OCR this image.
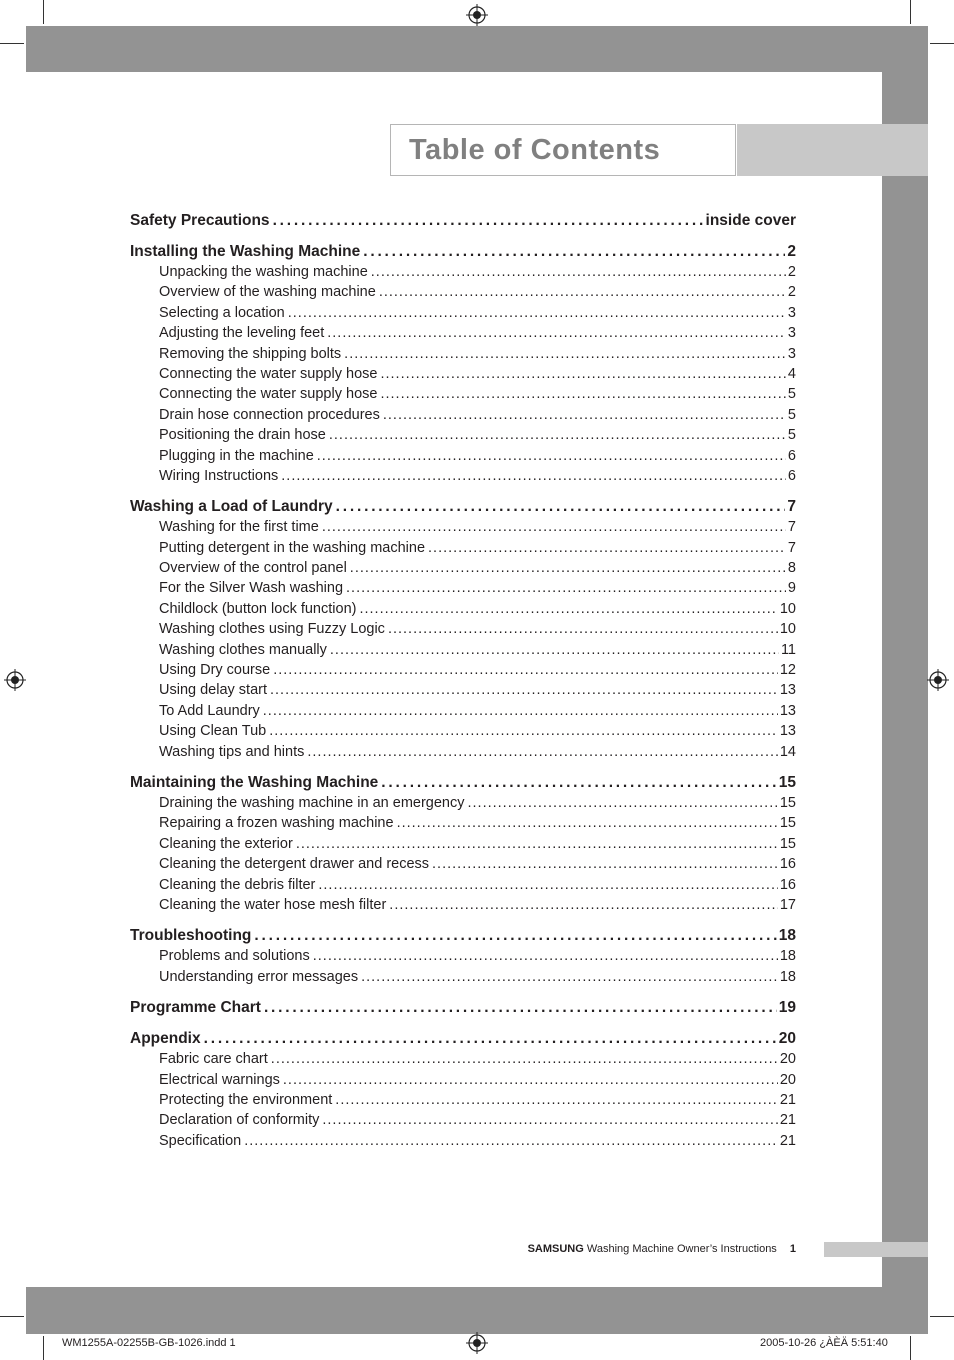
Table of Contents
Safety Precautions .....	inside cover
Installing the Washing Machine .....	2
Unpacking the washing machine .....	2
Overview of the washing machine .....	2
Selecting a location .....	3
Adjusting the leveling feet .....	3
Removing the shipping bolts .....	3
Connecting the water supply hose .....	4
Connecting the water supply hose .....	5
Drain hose connection procedures .....	5
Positioning the drain hose .....	5
Plugging in the machine .....	6
Wiring Instructions .....	6
Washing a Load of Laundry .....	7
Washing for the first time .....	7
Putting detergent in the washing machine .....	7
Overview of the control panel .....	8
For the Silver Wash washing .....	9
Childlock (button lock function) .....	10
Washing clothes using Fuzzy Logic .....	10
Washing clothes manually .....	11
Using Dry course .....	12
Using delay start .....	13
To Add Laundry .....	13
Using Clean Tub .....	13
Washing tips and hints .....	14
Maintaining the Washing Machine .....	15
Draining the washing machine in an emergency .....	15
Repairing a frozen washing machine .....	15
Cleaning the exterior .....	15
Cleaning the detergent drawer and recess .....	16
Cleaning the debris filter .....	16
Cleaning the water hose mesh filter .....	17
Troubleshooting .....	18
Problems and solutions .....	18
Understanding error messages .....	18
Programme Chart .....	19
Appendix .....	20
Fabric care chart .....	20
Electrical warnings .....	20
Protecting the environment .....	21
Declaration of conformity .....	21
Specification .....	21
SAMSUNG Washing Machine Owner’s Instructions 1
WM1255A-02255B-GB-1026.indd 1	2005-10-26 ¿ÀÈÄ 5:51:40
